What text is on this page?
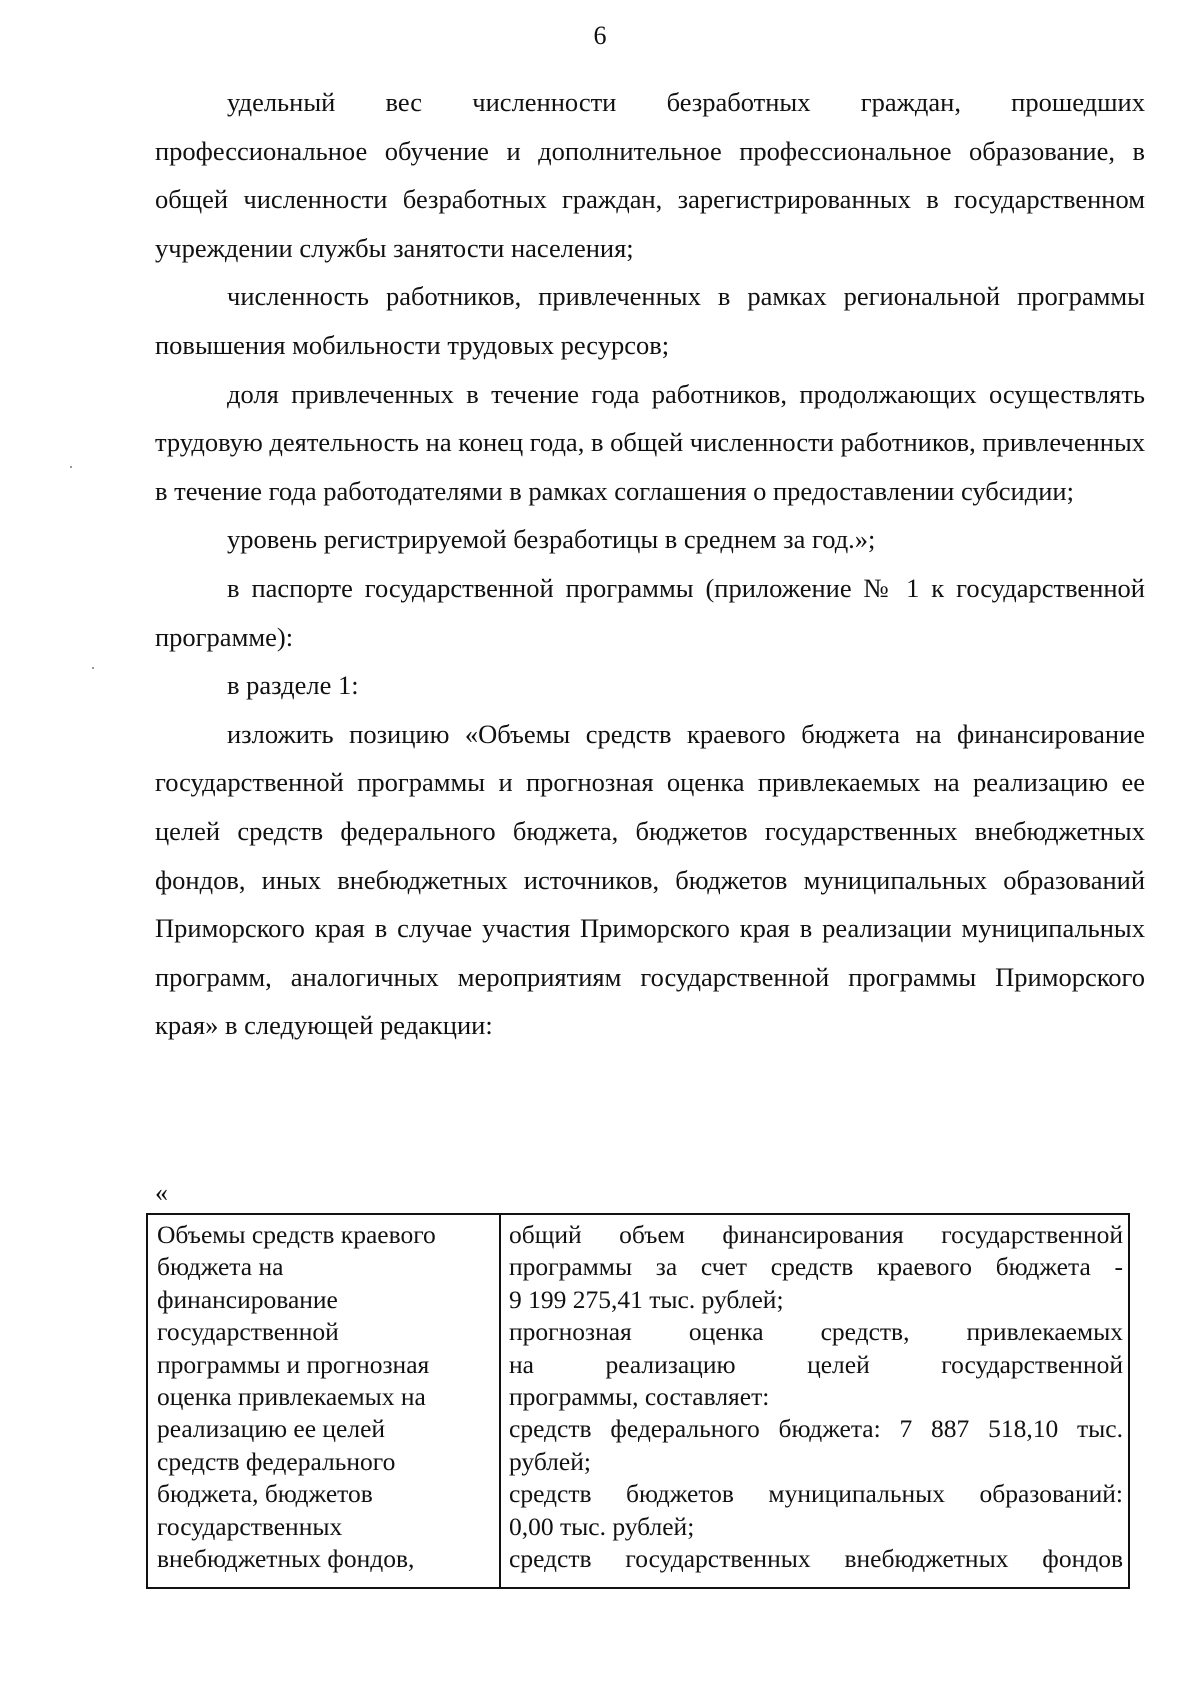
6

удельный вес численности безработных граждан, прошедших профессиональное обучение и дополнительное профессиональное образование, в общей численности безработных граждан, зарегистрированных в государственном учреждении службы занятости населения;

численность работников, привлеченных в рамках региональной программы повышения мобильности трудовых ресурсов;

доля привлеченных в течение года работников, продолжающих осуществлять трудовую деятельность на конец года, в общей численности работников, привлеченных в течение года работодателями в рамках соглашения о предоставлении субсидии;

уровень регистрируемой безработицы в среднем за год.»;

в паспорте государственной программы (приложение № 1 к государственной программе):

в разделе 1:

изложить позицию «Объемы средств краевого бюджета на финансирование государственной программы и прогнозная оценка привлекаемых на реализацию ее целей средств федерального бюджета, бюджетов государственных внебюджетных фондов, иных внебюджетных источников, бюджетов муниципальных образований Приморского края в случае участия Приморского края в реализации муниципальных программ, аналогичных мероприятиям государственной программы Приморского края» в следующей редакции:

«

Объемы средств краевого

бюджета на

финансирование

государственной

программы и прогнозная

оценка привлекаемых на

реализацию ее целей

средств федерального

бюджета, бюджетов

государственных

внебюджетных фондов,

общий объем финансирования государственной

программы за счет средств краевого бюджета -

9 199 275,41 тыс. рублей;

прогнозная оценка средств, привлекаемых

на реализацию целей государственной

программы, составляет:

средств федерального бюджета: 7 887 518,10 тыс.

рублей;

средств бюджетов муниципальных образований:

0,00 тыс. рублей;

средств государственных внебюджетных фондов
